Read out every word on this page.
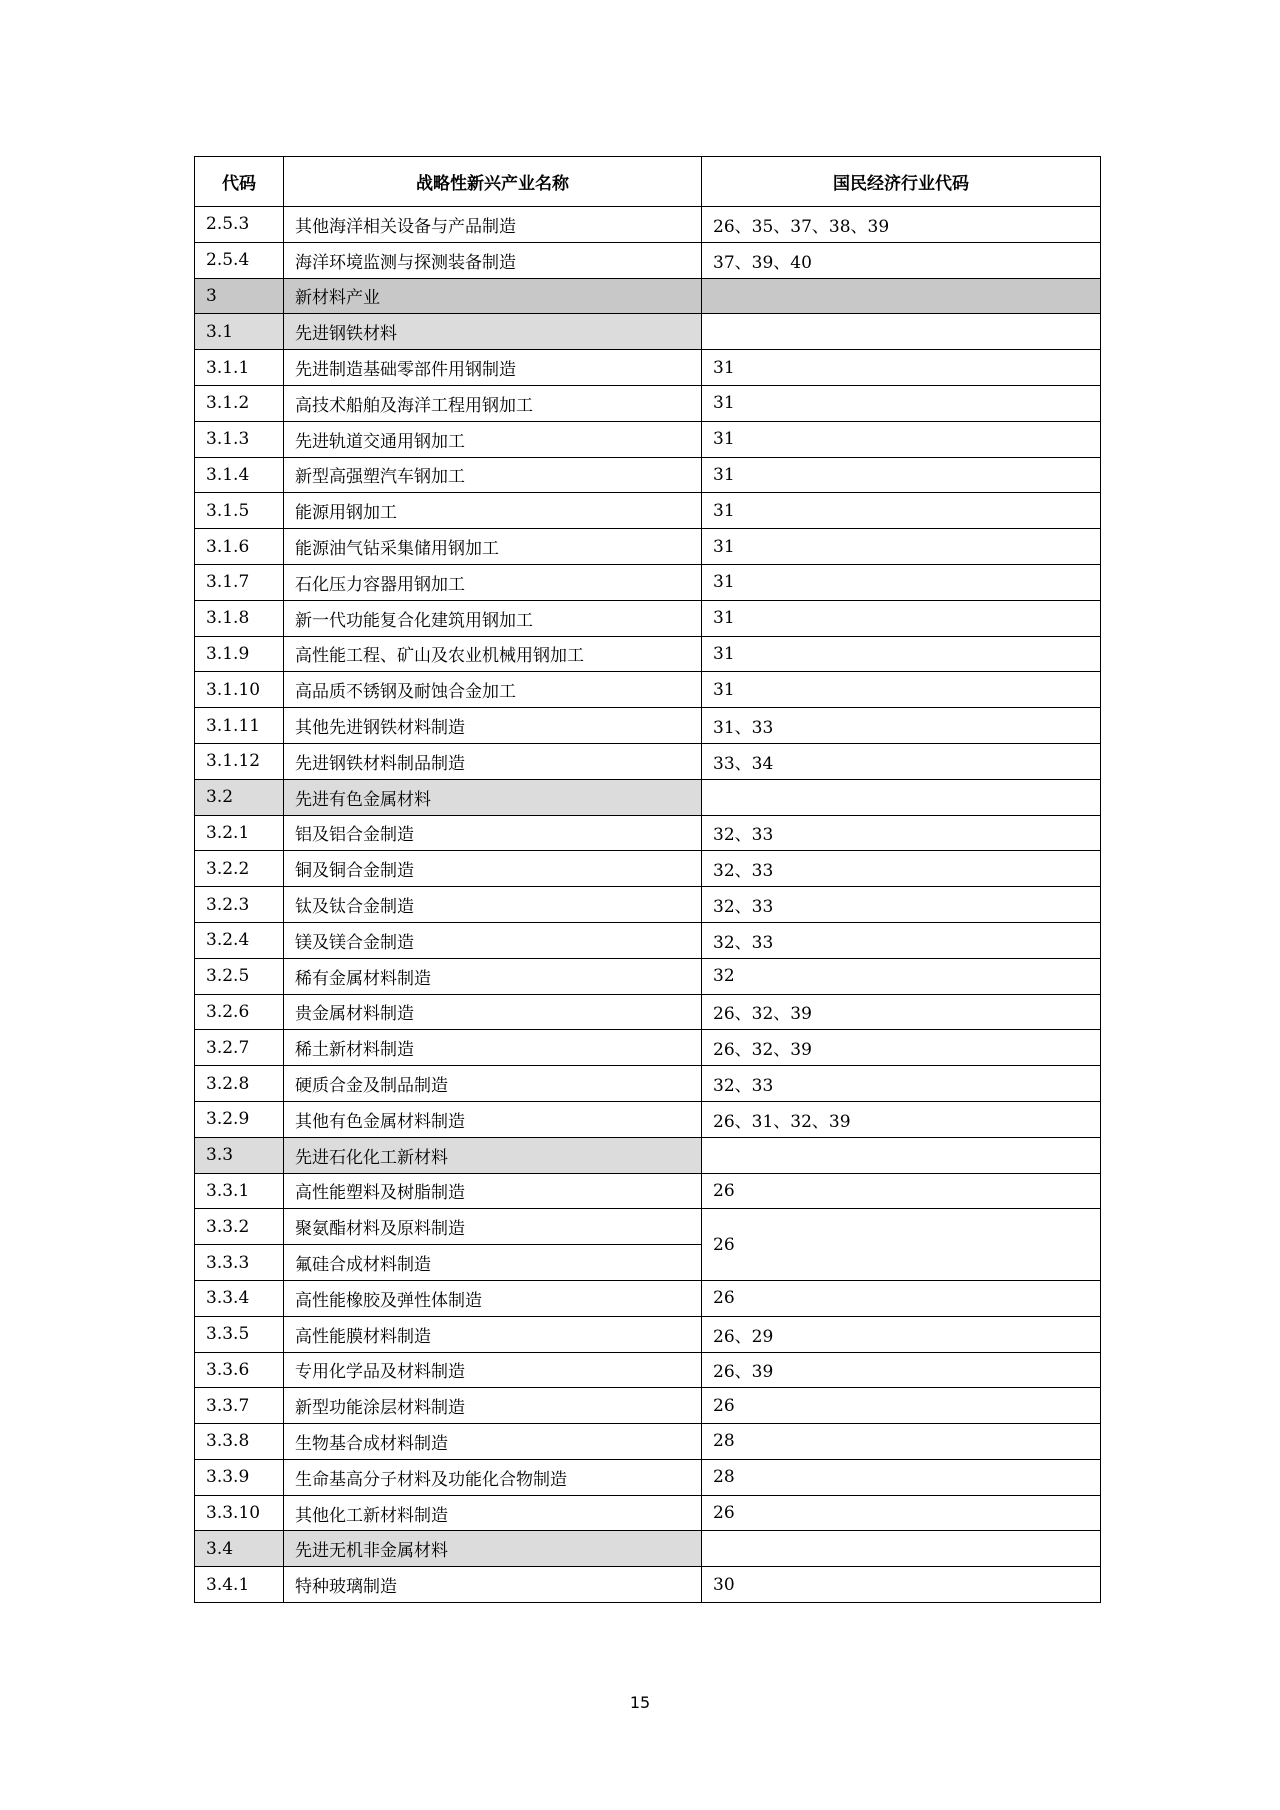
代码	战略性新兴产业名称	国民经济行业代码
2.5.3	其他海洋相关设备与产品制造	26、35、37、38、39
2.5.4	海洋环境监测与探测装备制造	37、39、40
3	新材料产业	
3.1	先进钢铁材料	
3.1.1	先进制造基础零部件用钢制造	31
3.1.2	高技术船舶及海洋工程用钢加工	31
3.1.3	先进轨道交通用钢加工	31
3.1.4	新型高强塑汽车钢加工	31
3.1.5	能源用钢加工	31
3.1.6	能源油气钻采集储用钢加工	31
3.1.7	石化压力容器用钢加工	31
3.1.8	新一代功能复合化建筑用钢加工	31
3.1.9	高性能工程、矿山及农业机械用钢加工	31
3.1.10	高品质不锈钢及耐蚀合金加工	31
3.1.11	其他先进钢铁材料制造	31、33
3.1.12	先进钢铁材料制品制造	33、34
3.2	先进有色金属材料	
3.2.1	铝及铝合金制造	32、33
3.2.2	铜及铜合金制造	32、33
3.2.3	钛及钛合金制造	32、33
3.2.4	镁及镁合金制造	32、33
3.2.5	稀有金属材料制造	32
3.2.6	贵金属材料制造	26、32、39
3.2.7	稀土新材料制造	26、32、39
3.2.8	硬质合金及制品制造	32、33
3.2.9	其他有色金属材料制造	26、31、32、39
3.3	先进石化化工新材料	
3.3.1	高性能塑料及树脂制造	26
3.3.2	聚氨酯材料及原料制造	26
3.3.3	氟硅合成材料制造	
3.3.4	高性能橡胶及弹性体制造	26
3.3.5	高性能膜材料制造	26、29
3.3.6	专用化学品及材料制造	26、39
3.3.7	新型功能涂层材料制造	26
3.3.8	生物基合成材料制造	28
3.3.9	生命基高分子材料及功能化合物制造	28
3.3.10	其他化工新材料制造	26
3.4	先进无机非金属材料	
3.4.1	特种玻璃制造	30
15
